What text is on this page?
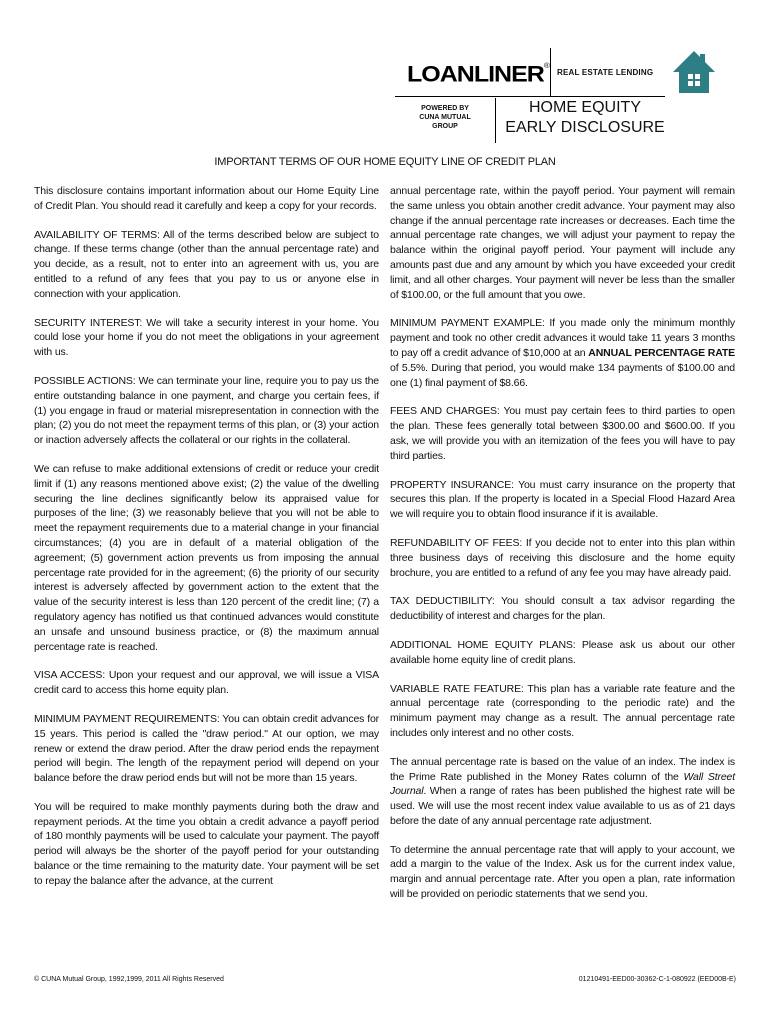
LOANLINER®
REAL ESTATE LENDING
POWERED BY
CUNA MUTUAL
GROUP
HOME EQUITY
EARLY DISCLOSURE
IMPORTANT TERMS OF OUR HOME EQUITY LINE OF CREDIT PLAN

This disclosure contains important information about our Home Equity Line of Credit Plan. You should read it carefully and keep a copy for your records.

AVAILABILITY OF TERMS: All of the terms described below are subject to change. If these terms change (other than the annual percentage rate) and you decide, as a result, not to enter into an agreement with us, you are entitled to a refund of any fees that you pay to us or anyone else in connection with your application.

SECURITY INTEREST: We will take a security interest in your home. You could lose your home if you do not meet the obligations in your agreement with us.

POSSIBLE ACTIONS: We can terminate your line, require you to pay us the entire outstanding balance in one payment, and charge you certain fees, if (1) you engage in fraud or material misrepresentation in connection with the plan; (2) you do not meet the repayment terms of this plan, or (3) your action or inaction adversely affects the collateral or our rights in the collateral.

We can refuse to make additional extensions of credit or reduce your credit limit if (1) any reasons mentioned above exist; (2) the value of the dwelling securing the line declines significantly below its appraised value for purposes of the line; (3) we reasonably believe that you will not be able to meet the repayment requirements due to a material change in your financial circumstances; (4) you are in default of a material obligation of the agreement; (5) government action prevents us from imposing the annual percentage rate provided for in the agreement; (6) the priority of our security interest is adversely affected by government action to the extent that the value of the security interest is less than 120 percent of the credit line; (7) a regulatory agency has notified us that continued advances would constitute an unsafe and unsound business practice, or (8) the maximum annual percentage rate is reached.

VISA ACCESS: Upon your request and our approval, we will issue a VISA credit card to access this home equity plan.

MINIMUM PAYMENT REQUIREMENTS: You can obtain credit advances for 15 years. This period is called the "draw period." At our option, we may renew or extend the draw period. After the draw period ends the repayment period will begin. The length of the repayment period will depend on your balance before the draw period ends but will not be more than 15 years.

You will be required to make monthly payments during both the draw and repayment periods. At the time you obtain a credit advance a payoff period of 180 monthly payments will be used to calculate your payment. The payoff period will always be the shorter of the payoff period for your outstanding balance or the time remaining to the maturity date. Your payment will be set to repay the balance after the advance, at the current

annual percentage rate, within the payoff period. Your payment will remain the same unless you obtain another credit advance. Your payment may also change if the annual percentage rate increases or decreases. Each time the annual percentage rate changes, we will adjust your payment to repay the balance within the original payoff period. Your payment will include any amounts past due and any amount by which you have exceeded your credit limit, and all other charges. Your payment will never be less than the smaller of $100.00, or the full amount that you owe.

MINIMUM PAYMENT EXAMPLE: If you made only the minimum monthly payment and took no other credit advances it would take 11 years 3 months to pay off a credit advance of $10,000 at an ANNUAL PERCENTAGE RATE of 5.5%. During that period, you would make 134 payments of $100.00 and one (1) final payment of $8.66.

FEES AND CHARGES: You must pay certain fees to third parties to open the plan. These fees generally total between $300.00 and $600.00. If you ask, we will provide you with an itemization of the fees you will have to pay third parties.

PROPERTY INSURANCE: You must carry insurance on the property that secures this plan. If the property is located in a Special Flood Hazard Area we will require you to obtain flood insurance if it is available.

REFUNDABILITY OF FEES: If you decide not to enter into this plan within three business days of receiving this disclosure and the home equity brochure, you are entitled to a refund of any fee you may have already paid.

TAX DEDUCTIBILITY: You should consult a tax advisor regarding the deductibility of interest and charges for the plan.

ADDITIONAL HOME EQUITY PLANS: Please ask us about our other available home equity line of credit plans.

VARIABLE RATE FEATURE: This plan has a variable rate feature and the annual percentage rate (corresponding to the periodic rate) and the minimum payment may change as a result. The annual percentage rate includes only interest and no other costs.

The annual percentage rate is based on the value of an index. The index is the Prime Rate published in the Money Rates column of the Wall Street Journal. When a range of rates has been published the highest rate will be used. We will use the most recent index value available to us as of 21 days before the date of any annual percentage rate adjustment.

To determine the annual percentage rate that will apply to your account, we add a margin to the value of the Index. Ask us for the current index value, margin and annual percentage rate. After you open a plan, rate information will be provided on periodic statements that we send you.

© CUNA Mutual Group, 1992,1999, 2011 All Rights Reserved	01210491-EED00-30362-C-1-080922 (EED00B-E)
